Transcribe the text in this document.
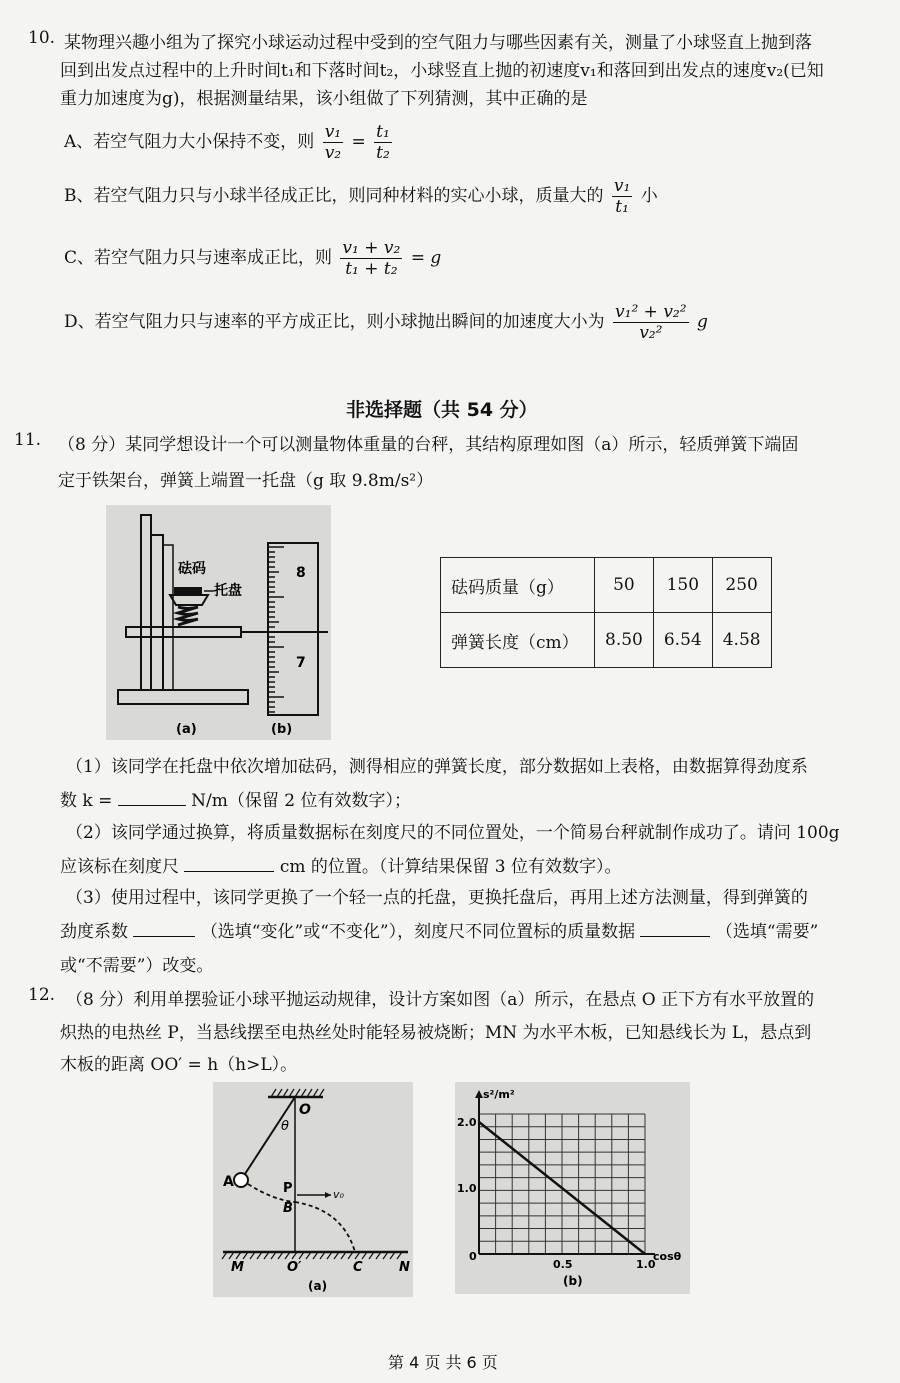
10. 某物理兴趣小组为了探究小球运动过程中受到的空气阻力与哪些因素有关，测量了小球竖直上抛到落
回到出发点过程中的上升时间t₁和下落时间t₂，小球竖直上抛的初速度v₁和落回到出发点的速度v₂(已知
重力加速度为g)，根据测量结果，该小组做了下列猜测，其中正确的是
A、若空气阻力大小保持不变，则 $\frac{\text{v₁}}{\text{v₂}} = \frac{\text{t₁}}{\text{t₂}}$
B、若空气阻力只与小球半径成正比，则同种材料的实心小球，质量大的 $\frac{\text{v₁}}{\text{t₁}}$ 小
C、若空气阻力只与速率成正比，则 $\frac{\text{v₁ + v₂}}{\text{t₁ + t₂}} = g$
D、若空气阻力只与速率的平方成正比，则小球抛出瞬间的加速度大小为 $\frac{\text{v₁² + v₂²}}{\text{v₂²}}$ g
非选择题（共 54 分）
11. （8 分）某同学想设计一个可以测量物体重量的台秤，其结构原理如图（a）所示，轻质弹簧下端固
定于铁架台，弹簧上端置一托盘（g 取 9.8m/s²）
砝码
托盘
(a)	(b)
8
7
砝码质量（g）	50	150	250
弹簧长度（cm）	8.50	6.54	4.58
（1）该同学在托盘中依次增加砝码，测得相应的弹簧长度，部分数据如上表格，由数据算得劲度系
数 k =	N/m（保留 2 位有效数字）；
（2）该同学通过换算，将质量数据标在刻度尺的不同位置处，一个简易台秤就制作成功了。请问 100g
应该标在刻度尺	cm 的位置。（计算结果保留 3 位有效数字）。
（3）使用过程中，该同学更换了一个轻一点的托盘，更换托盘后，再用上述方法测量，得到弹簧的
劲度系数	（选填“变化”或“不变化”），刻度尺不同位置标的质量数据	（选填“需要”
或“不需要”）改变。
12. （8 分）利用单摆验证小球平抛运动规律，设计方案如图（a）所示，在悬点 O 正下方有水平放置的
炽热的电热丝 P，当悬线摆至电热丝处时能轻易被烧断；MN 为水平木板，已知悬线长为 L，悬点到
木板的距离 OO′ = h（h>L）。
O
θ
A	P
B
v₀
M	O′	C	N
(a)
2.0
1.0
0.5	1.0
s²/m²
cosθ
0
(b)
第 4 页 共 6 页
